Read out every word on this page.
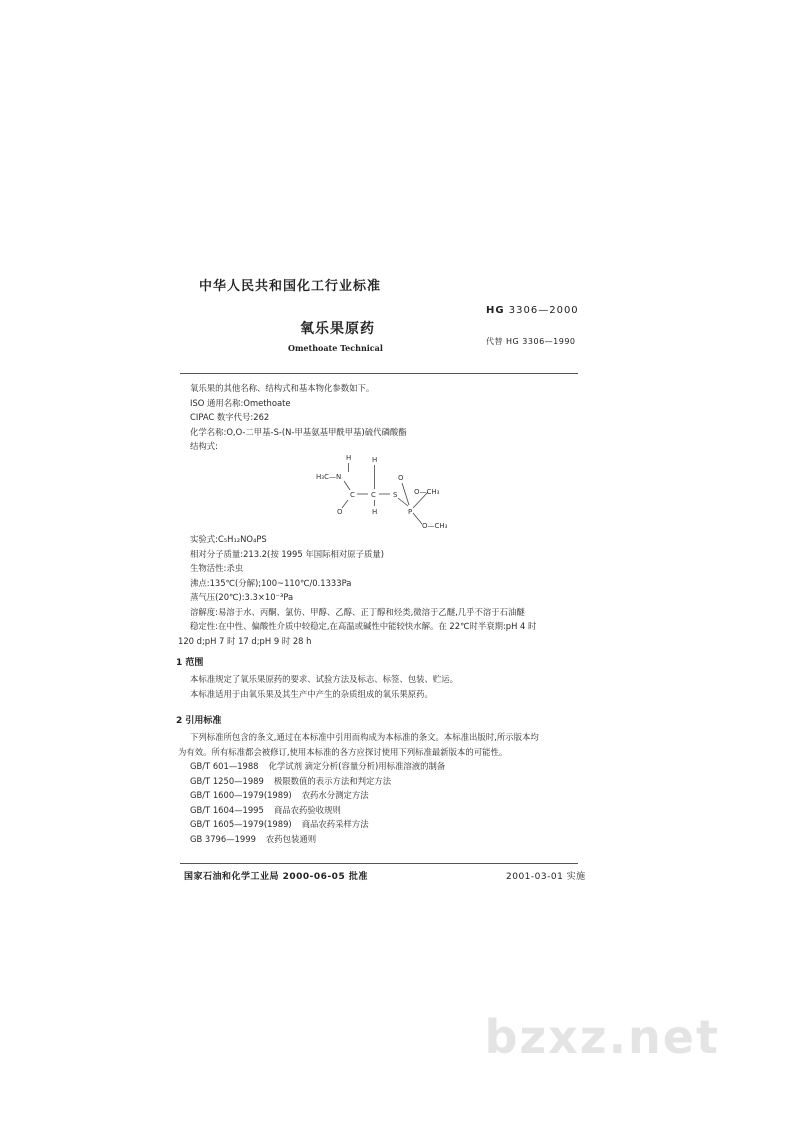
中华人民共和国化工行业标准
HG 3306—2000
氧乐果原药
代替 HG 3306—1990
Omethoate Technical
氧乐果的其他名称、结构式和基本物化参数如下。
ISO 通用名称:Omethoate
CIPAC 数字代号:262
化学名称:O,O-二甲基-S-(N-甲基氨基甲酰甲基)硫代磷酸酯
结构式:
H
H₃C—N
C
O
H
C
H
S
P
O
O—CH₃
O—CH₃
实验式:C₅H₁₂NO₄PS
相对分子质量:213.2(按 1995 年国际相对原子质量)
生物活性:杀虫
沸点:135℃(分解);100~110℃/0.1333Pa
蒸气压(20℃):3.3×10⁻³Pa
溶解度:易溶于水、丙酮、氯仿、甲醇、乙醇、正丁醇和烃类,微溶于乙醚,几乎不溶于石油醚
稳定性:在中性、偏酸性介质中较稳定,在高温或碱性中能较快水解。在 22℃时半衰期:pH 4 时
120 d;pH 7 时 17 d;pH 9 时 28 h
1 范围
本标准规定了氧乐果原药的要求、试验方法及标志、标签、包装、贮运。
本标准适用于由氧乐果及其生产中产生的杂质组成的氧乐果原药。
2 引用标准
下列标准所包含的条文,通过在本标准中引用而构成为本标准的条文。本标准出版时,所示版本均
为有效。所有标准都会被修订,使用本标准的各方应探讨使用下列标准最新版本的可能性。
GB/T 601—1988 化学试剂 滴定分析(容量分析)用标准溶液的制备
GB/T 1250—1989 极限数值的表示方法和判定方法
GB/T 1600—1979(1989) 农药水分测定方法
GB/T 1604—1995 商品农药验收规则
GB/T 1605—1979(1989) 商品农药采样方法
GB 3796—1999 农药包装通则
国家石油和化学工业局 2000-06-05 批准	2001-03-01 实施
bzxz.net
